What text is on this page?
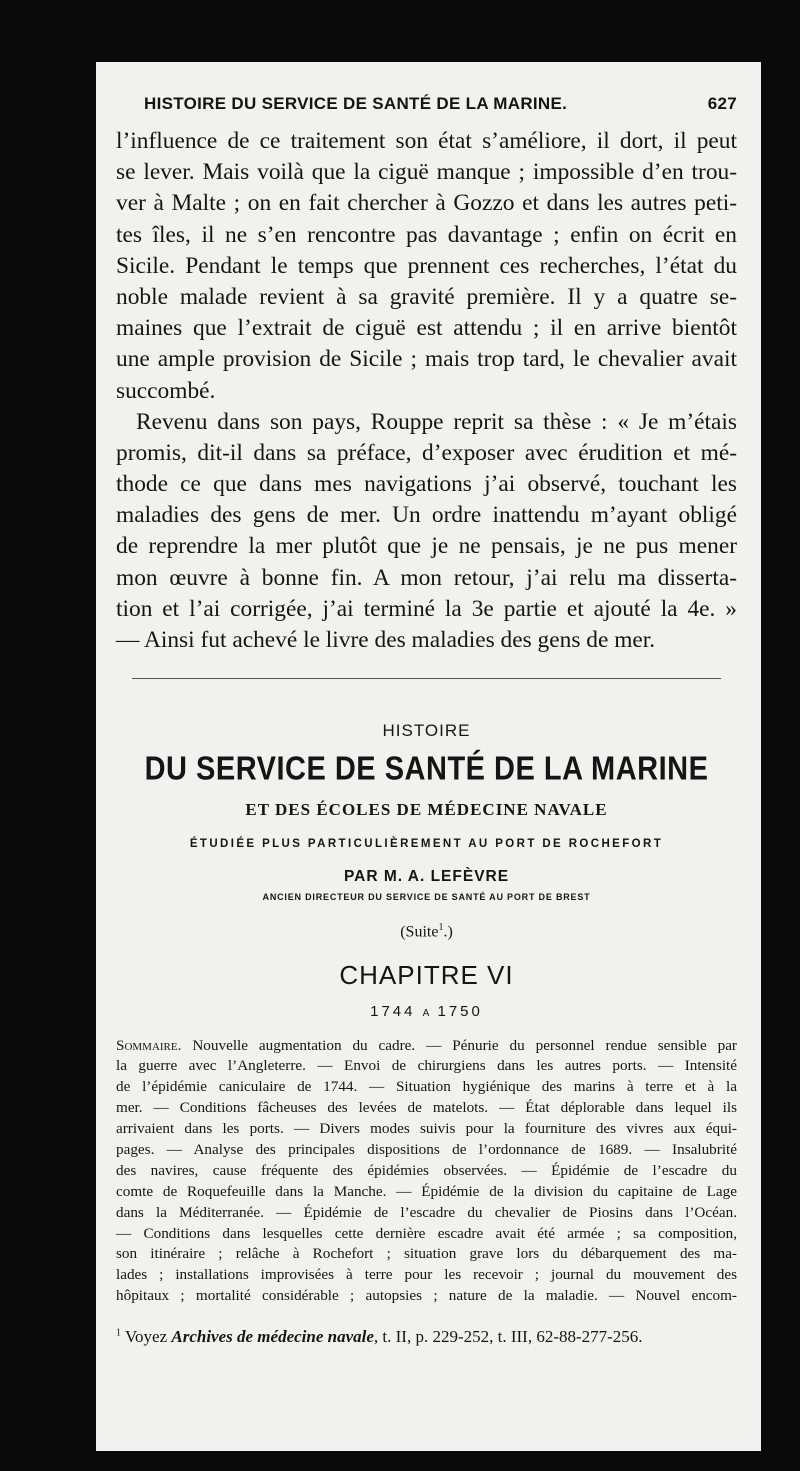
HISTOIRE DU SERVICE DE SANTÉ DE LA MARINE.	627

l’influence de ce traitement son état s’améliore, il dort, il peut
se lever. Mais voilà que la ciguë manque ; impossible d’en trou-
ver à Malte ; on en fait chercher à Gozzo et dans les autres peti-
tes îles, il ne s’en rencontre pas davantage ; enfin on écrit en
Sicile. Pendant le temps que prennent ces recherches, l’état du
noble malade revient à sa gravité première. Il y a quatre se-
maines que l’extrait de ciguë est attendu ; il en arrive bientôt
une ample provision de Sicile ; mais trop tard, le chevalier avait
succombé.

Revenu dans son pays, Rouppe reprit sa thèse : « Je m’étais
promis, dit-il dans sa préface, d’exposer avec érudition et mé-
thode ce que dans mes navigations j’ai observé, touchant les
maladies des gens de mer. Un ordre inattendu m’ayant obligé
de reprendre la mer plutôt que je ne pensais, je ne pus mener
mon œuvre à bonne fin. A mon retour, j’ai relu ma disserta-
tion et l’ai corrigée, j’ai terminé la 3e partie et ajouté la 4e. »
— Ainsi fut achevé le livre des maladies des gens de mer.

HISTOIRE
DU SERVICE DE SANTÉ DE LA MARINE
ET DES ÉCOLES DE MÉDECINE NAVALE
ÉTUDIÉE PLUS PARTICULIÈREMENT AU PORT DE ROCHEFORT
PAR M. A. LEFÈVRE
ANCIEN DIRECTEUR DU SERVICE DE SANTÉ AU PORT DE BREST
(Suite$^1$.)
CHAPITRE VI
1744 A 1750
Sommaire. Nouvelle augmentation du cadre. — Pénurie du personnel rendue sensible par
la guerre avec l’Angleterre. — Envoi de chirurgiens dans les autres ports. — Intensité
de l’épidémie caniculaire de 1744. — Situation hygiénique des marins à terre et à la
mer. — Conditions fâcheuses des levées de matelots. — État déplorable dans lequel ils
arrivaient dans les ports. — Divers modes suivis pour la fourniture des vivres aux équi-
pages. — Analyse des principales dispositions de l’ordonnance de 1689. — Insalubrité
des navires, cause fréquente des épidémies observées. — Épidémie de l’escadre du
comte de Roquefeuille dans la Manche. — Épidémie de la division du capitaine de Lage
dans la Méditerranée. — Épidémie de l’escadre du chevalier de Piosins dans l’Océan.
— Conditions dans lesquelles cette dernière escadre avait été armée ; sa composition,
son itinéraire ; relâche à Rochefort ; situation grave lors du débarquement des ma-
lades ; installations improvisées à terre pour les recevoir ; journal du mouvement des
hôpitaux ; mortalité considérable ; autopsies ; nature de la maladie. — Nouvel encom-
$^1$ Voyez Archives de médecine navale, t. II, p. 229-252, t. III, 62-88-277-256.
